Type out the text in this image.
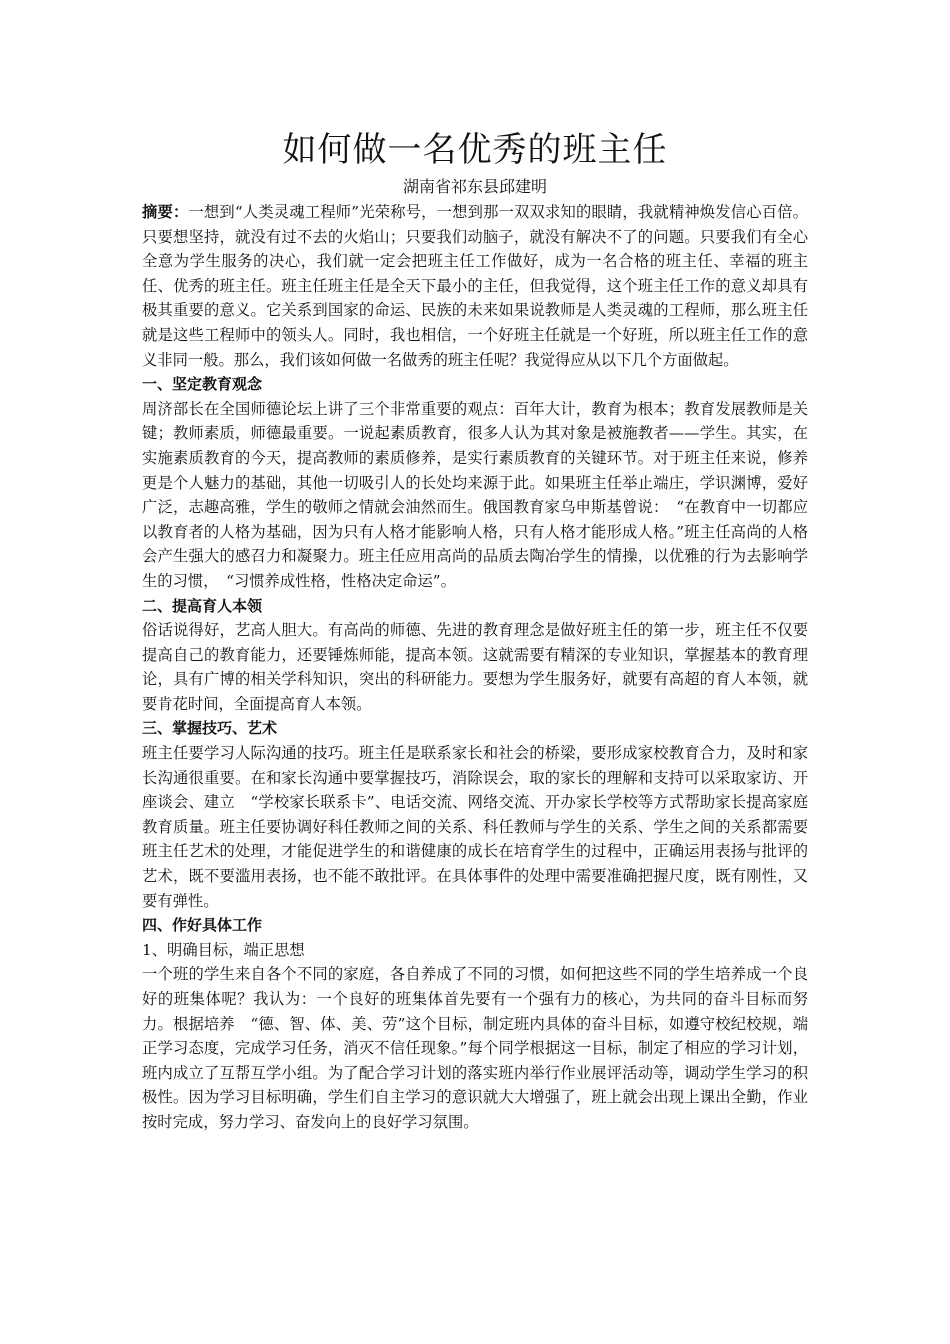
如何做一名优秀的班主任

湖南省祁东县邱建明

摘要：一想到“人类灵魂工程师”光荣称号，一想到那一双双求知的眼睛，我就精神焕发信心百倍。只要想坚持，就没有过不去的火焰山；只要我们动脑子，就没有解决不了的问题。只要我们有全心全意为学生服务的决心，我们就一定会把班主任工作做好，成为一名合格的班主任、幸福的班主任、优秀的班主任。班主任班主任是全天下最小的主任，但我觉得，这个班主任工作的意义却具有极其重要的意义。它关系到国家的命运、民族的未来如果说教师是人类灵魂的工程师，那么班主任就是这些工程师中的领头人。同时，我也相信，一个好班主任就是一个好班，所以班主任工作的意义非同一般。那么，我们该如何做一名做秀的班主任呢？我觉得应从以下几个方面做起。

一、坚定教育观念

周济部长在全国师德论坛上讲了三个非常重要的观点：百年大计，教育为根本；教育发展教师是关键；教师素质，师德最重要。一说起素质教育，很多人认为其对象是被施教者——学生。其实，在实施素质教育的今天，提高教师的素质修养，是实行素质教育的关键环节。对于班主任来说，修养更是个人魅力的基础，其他一切吸引人的长处均来源于此。如果班主任举止端庄，学识渊博，爱好广泛，志趣高雅，学生的敬师之情就会油然而生。俄国教育家乌申斯基曾说：　“在教育中一切都应以教育者的人格为基础，因为只有人格才能影响人格，只有人格才能形成人格。”班主任高尚的人格会产生强大的感召力和凝聚力。班主任应用高尚的品质去陶冶学生的情操，以优雅的行为去影响学生的习惯，　“习惯养成性格，性格决定命运”。

二、提高育人本领

俗话说得好，艺高人胆大。有高尚的师德、先进的教育理念是做好班主任的第一步，班主任不仅要提高自己的教育能力，还要锤炼师能，提高本领。这就需要有精深的专业知识，掌握基本的教育理论，具有广博的相关学科知识，突出的科研能力。要想为学生服务好，就要有高超的育人本领，就要肯花时间，全面提高育人本领。

三、掌握技巧、艺术

班主任要学习人际沟通的技巧。班主任是联系家长和社会的桥梁，要形成家校教育合力，及时和家长沟通很重要。在和家长沟通中要掌握技巧，消除误会，取的家长的理解和支持可以采取家访、开座谈会、建立　“学校家长联系卡”、电话交流、网络交流、开办家长学校等方式帮助家长提高家庭教育质量。班主任要协调好科任教师之间的关系、科任教师与学生的关系、学生之间的关系都需要班主任艺术的处理，才能促进学生的和谐健康的成长在培育学生的过程中，正确运用表扬与批评的艺术，既不要滥用表扬，也不能不敢批评。在具体事件的处理中需要准确把握尺度，既有刚性，又要有弹性。

四、作好具体工作

1、明确目标，端正思想

一个班的学生来自各个不同的家庭，各自养成了不同的习惯，如何把这些不同的学生培养成一个良好的班集体呢？我认为：一个良好的班集体首先要有一个强有力的核心，为共同的奋斗目标而努力。根据培养　“德、智、体、美、劳”这个目标，制定班内具体的奋斗目标，如遵守校纪校规，端正学习态度，完成学习任务，消灭不信任现象。”每个同学根据这一目标，制定了相应的学习计划，班内成立了互帮互学小组。为了配合学习计划的落实班内举行作业展评活动等，调动学生学习的积极性。因为学习目标明确，学生们自主学习的意识就大大增强了，班上就会出现上课出全勤，作业按时完成，努力学习、奋发向上的良好学习氛围。
